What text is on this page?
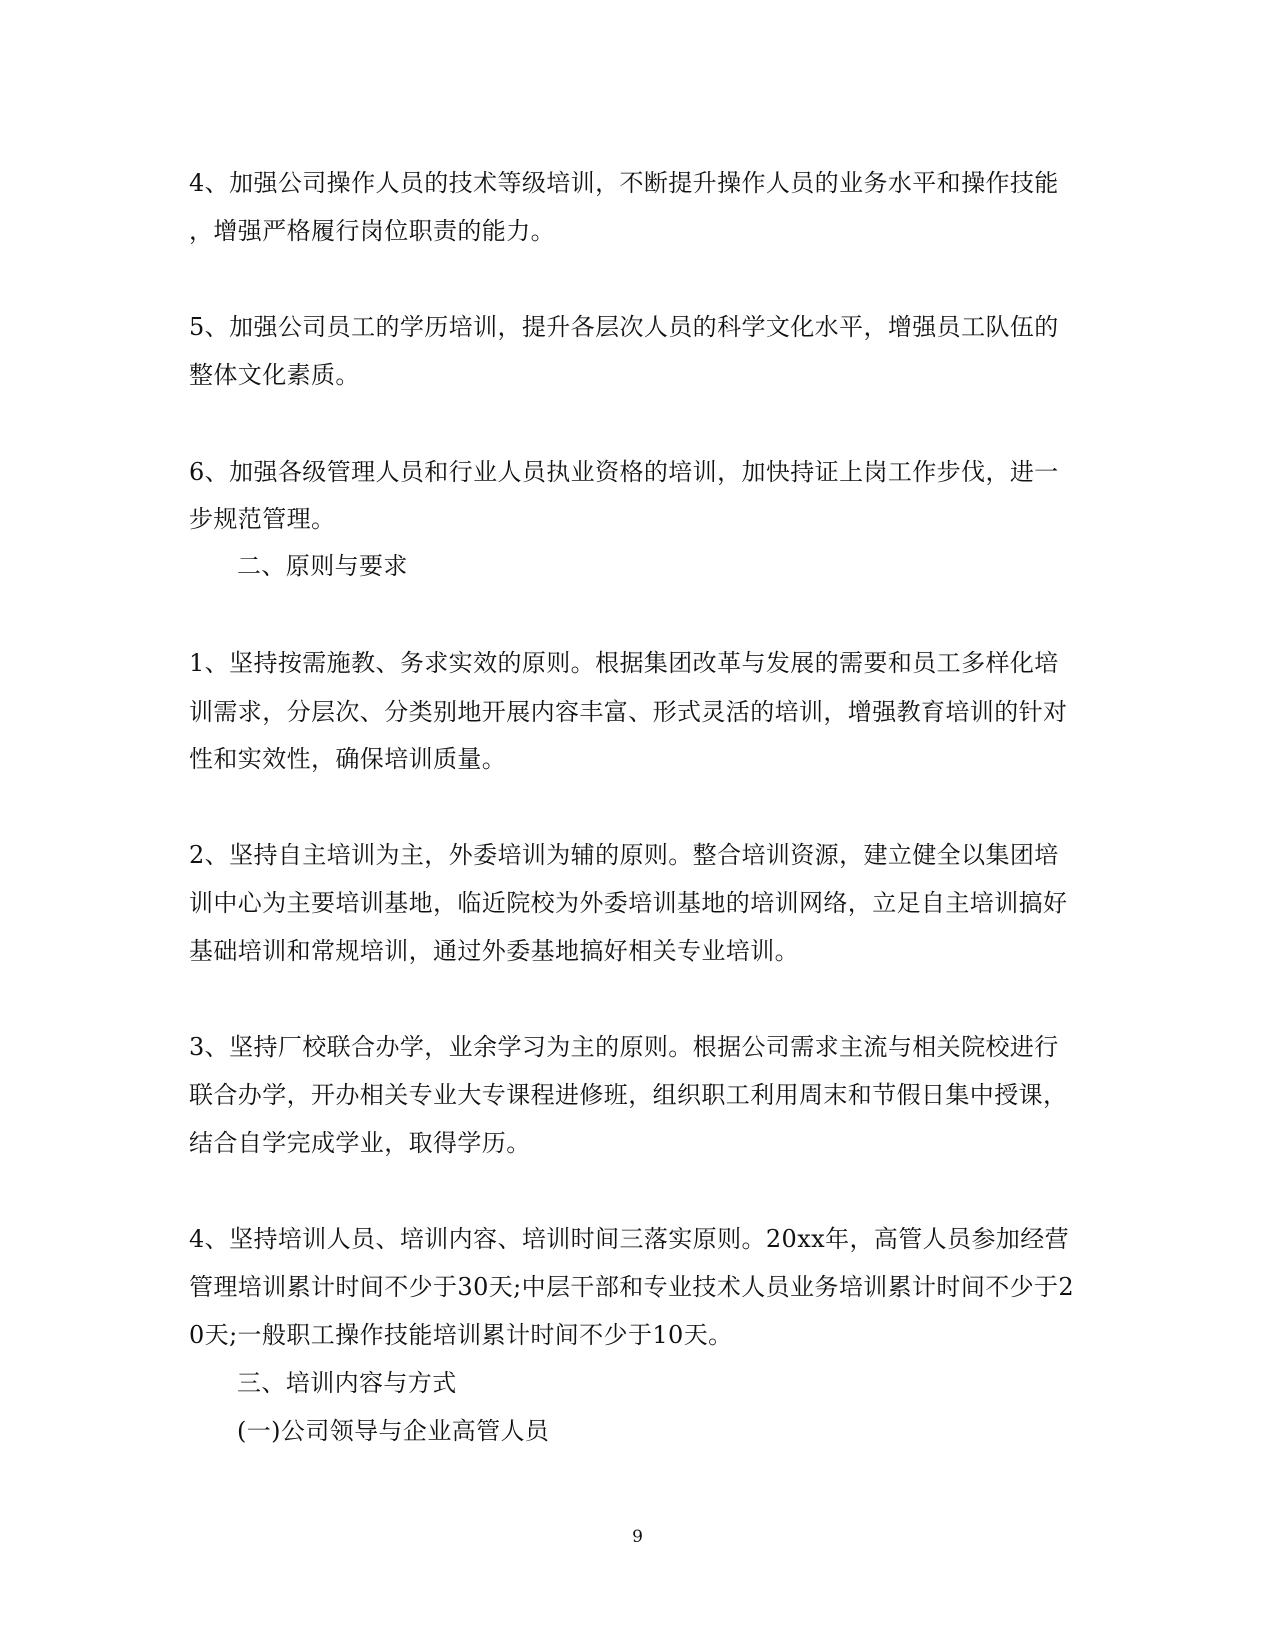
4、加强公司操作人员的技术等级培训，不断提升操作人员的业务水平和操作技能
，增强严格履行岗位职责的能力。
5、加强公司员工的学历培训，提升各层次人员的科学文化水平，增强员工队伍的
整体文化素质。
6、加强各级管理人员和行业人员执业资格的培训，加快持证上岗工作步伐，进一
步规范管理。
二、原则与要求
1、坚持按需施教、务求实效的原则。根据集团改革与发展的需要和员工多样化培
训需求，分层次、分类别地开展内容丰富、形式灵活的培训，增强教育培训的针对
性和实效性，确保培训质量。
2、坚持自主培训为主，外委培训为辅的原则。整合培训资源，建立健全以集团培
训中心为主要培训基地，临近院校为外委培训基地的培训网络，立足自主培训搞好
基础培训和常规培训，通过外委基地搞好相关专业培训。
3、坚持厂校联合办学，业余学习为主的原则。根据公司需求主流与相关院校进行
联合办学，开办相关专业大专课程进修班，组织职工利用周末和节假日集中授课，
结合自学完成学业，取得学历。
4、坚持培训人员、培训内容、培训时间三落实原则。20xx年，高管人员参加经营
管理培训累计时间不少于30天;中层干部和专业技术人员业务培训累计时间不少于2
0天;一般职工操作技能培训累计时间不少于10天。
三、培训内容与方式
(一)公司领导与企业高管人员
9
